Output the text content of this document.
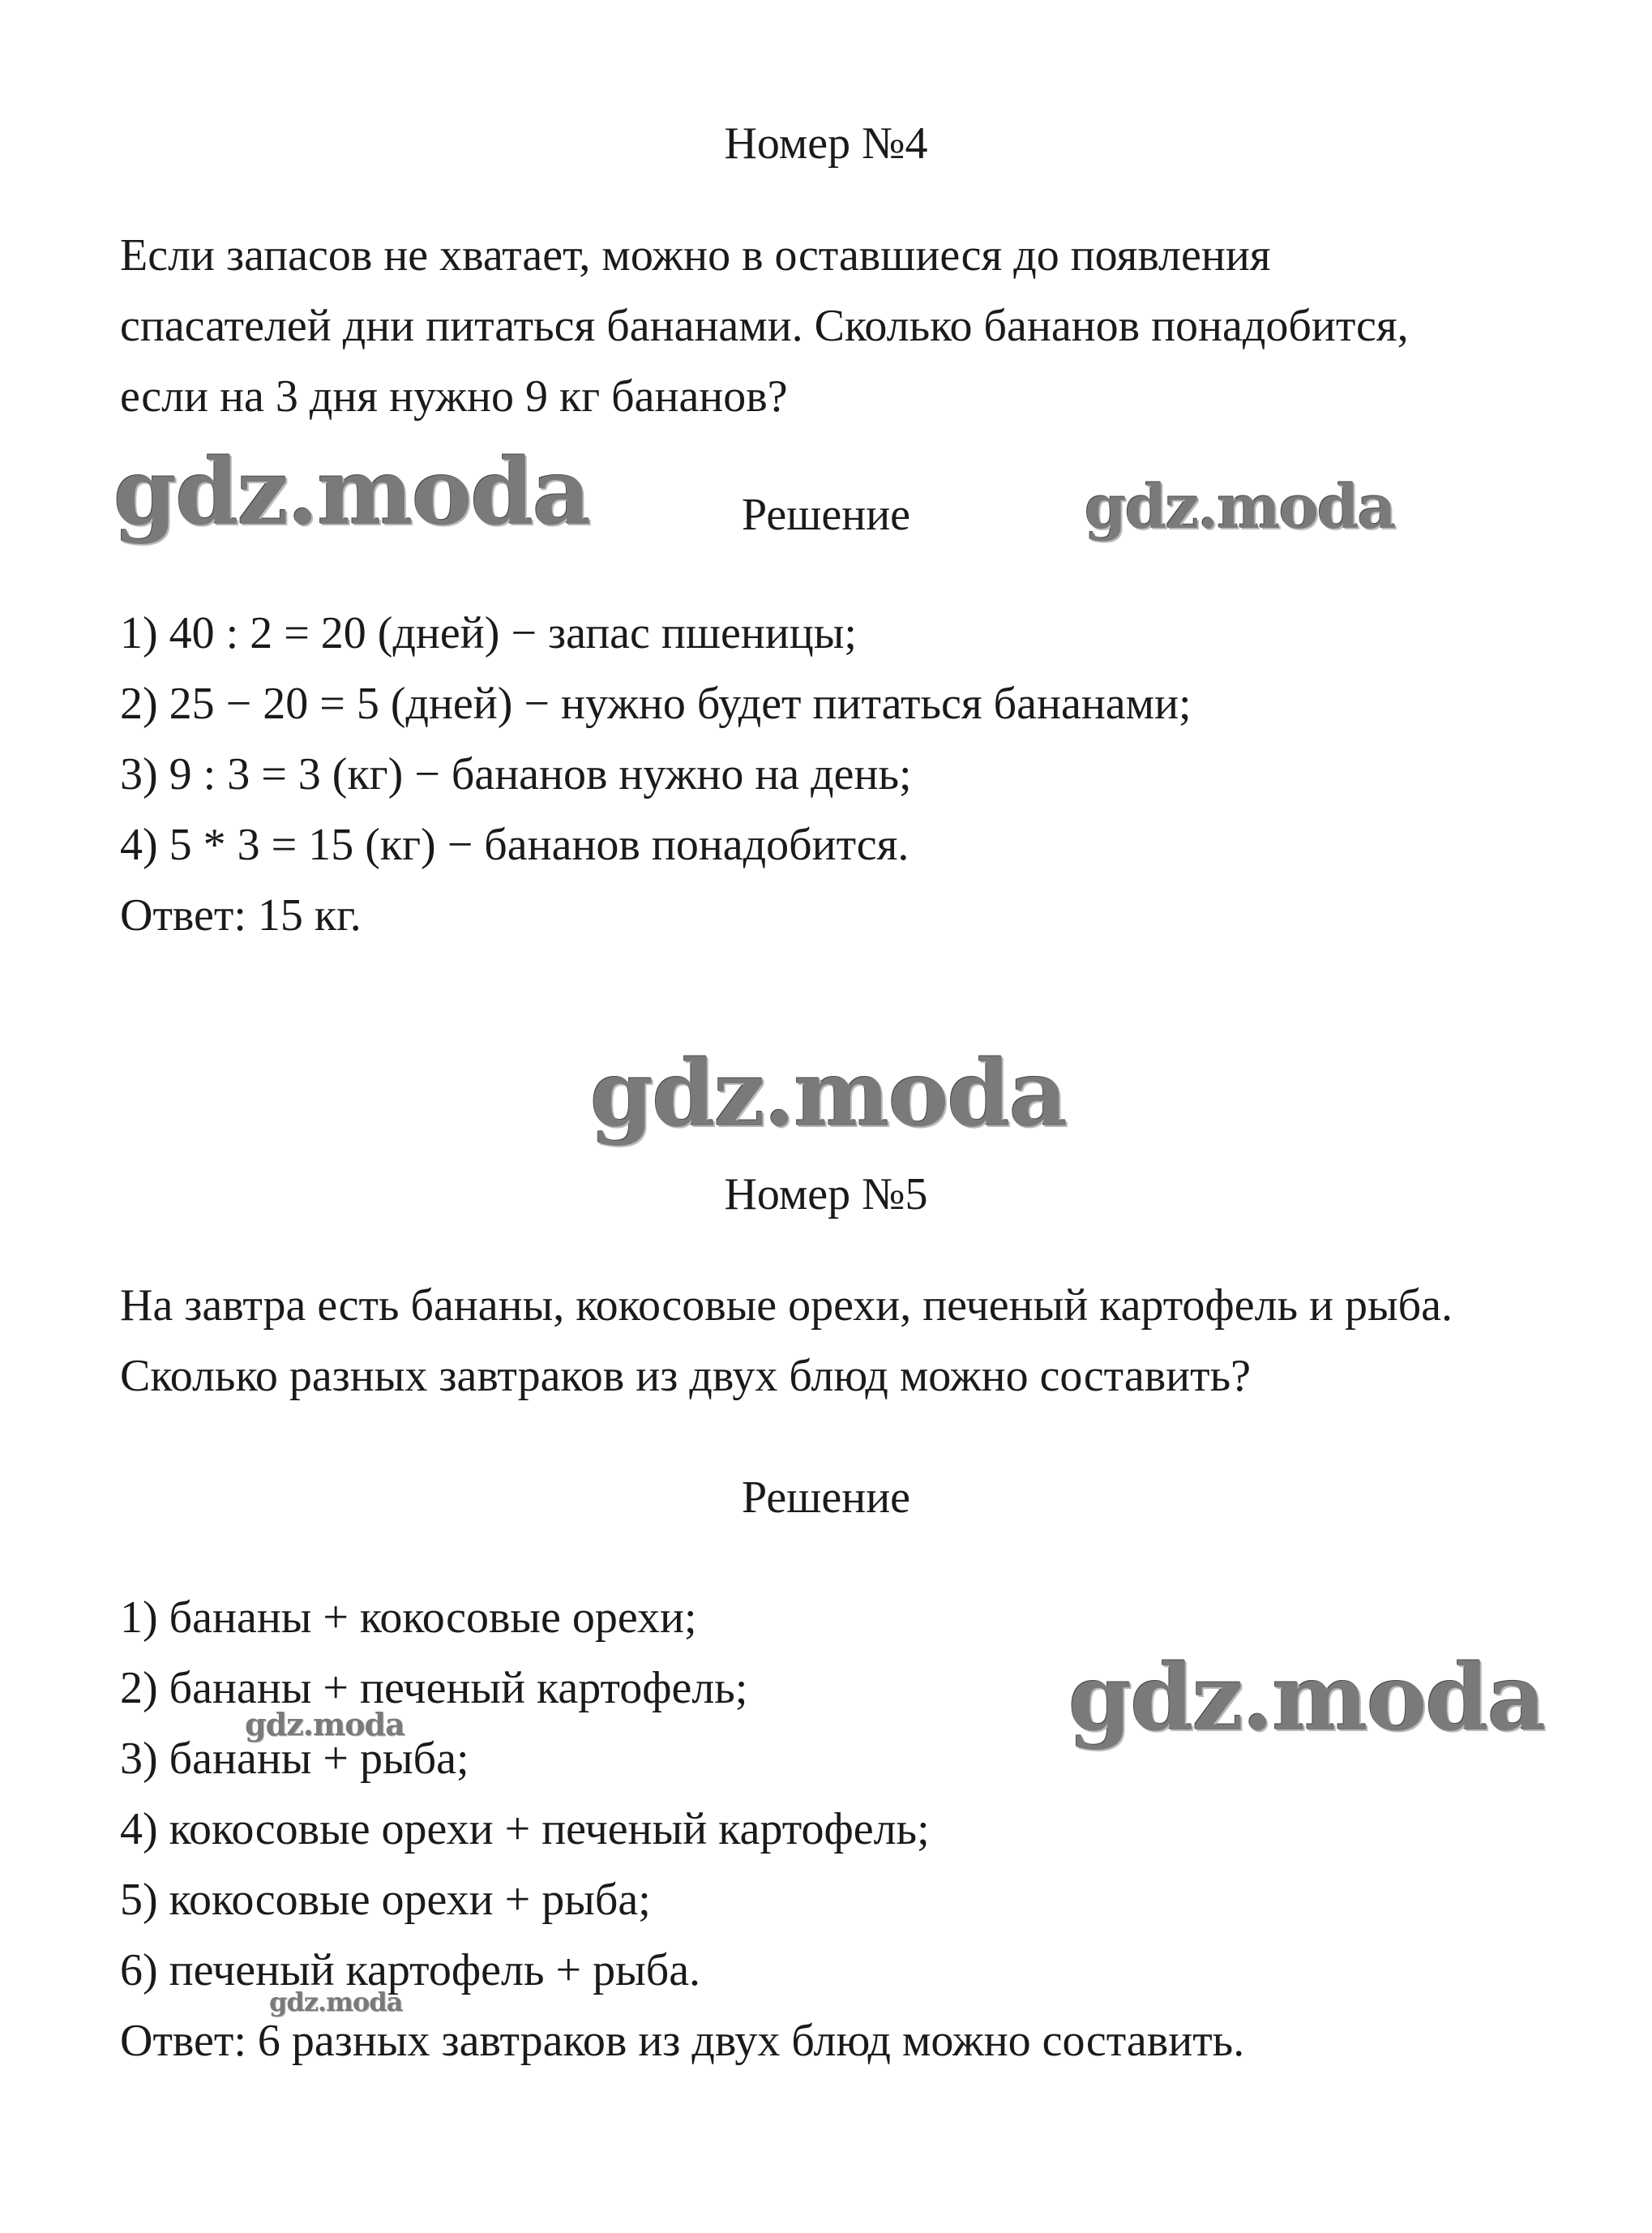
Номер №4

Если запасов не хватает, можно в оставшиеся до появления

спасателей дни питаться бананами. Сколько бананов понадобится,

если на 3 дня нужно 9 кг бананов?

Решение

1) 40 : 2 = 20 (дней) − запас пшеницы;

2) 25 − 20 = 5 (дней) − нужно будет питаться бананами;

3) 9 : 3 = 3 (кг) − бананов нужно на день;

4) 5 * 3 = 15 (кг) − бананов понадобится.

Ответ: 15 кг.

Номер №5

На завтра есть бананы, кокосовые орехи, печеный картофель и рыба.

Сколько разных завтраков из двух блюд можно составить?

Решение

1) бананы + кокосовые орехи;

2) бананы + печеный картофель;

3) бананы + рыба;

4) кокосовые орехи + печеный картофель;

5) кокосовые орехи + рыба;

6) печеный картофель + рыба.

Ответ: 6 разных завтраков из двух блюд можно составить.

gdz.moda	gdz.moda
gdz.moda
gdz.moda
gdz.moda
gdz.moda
